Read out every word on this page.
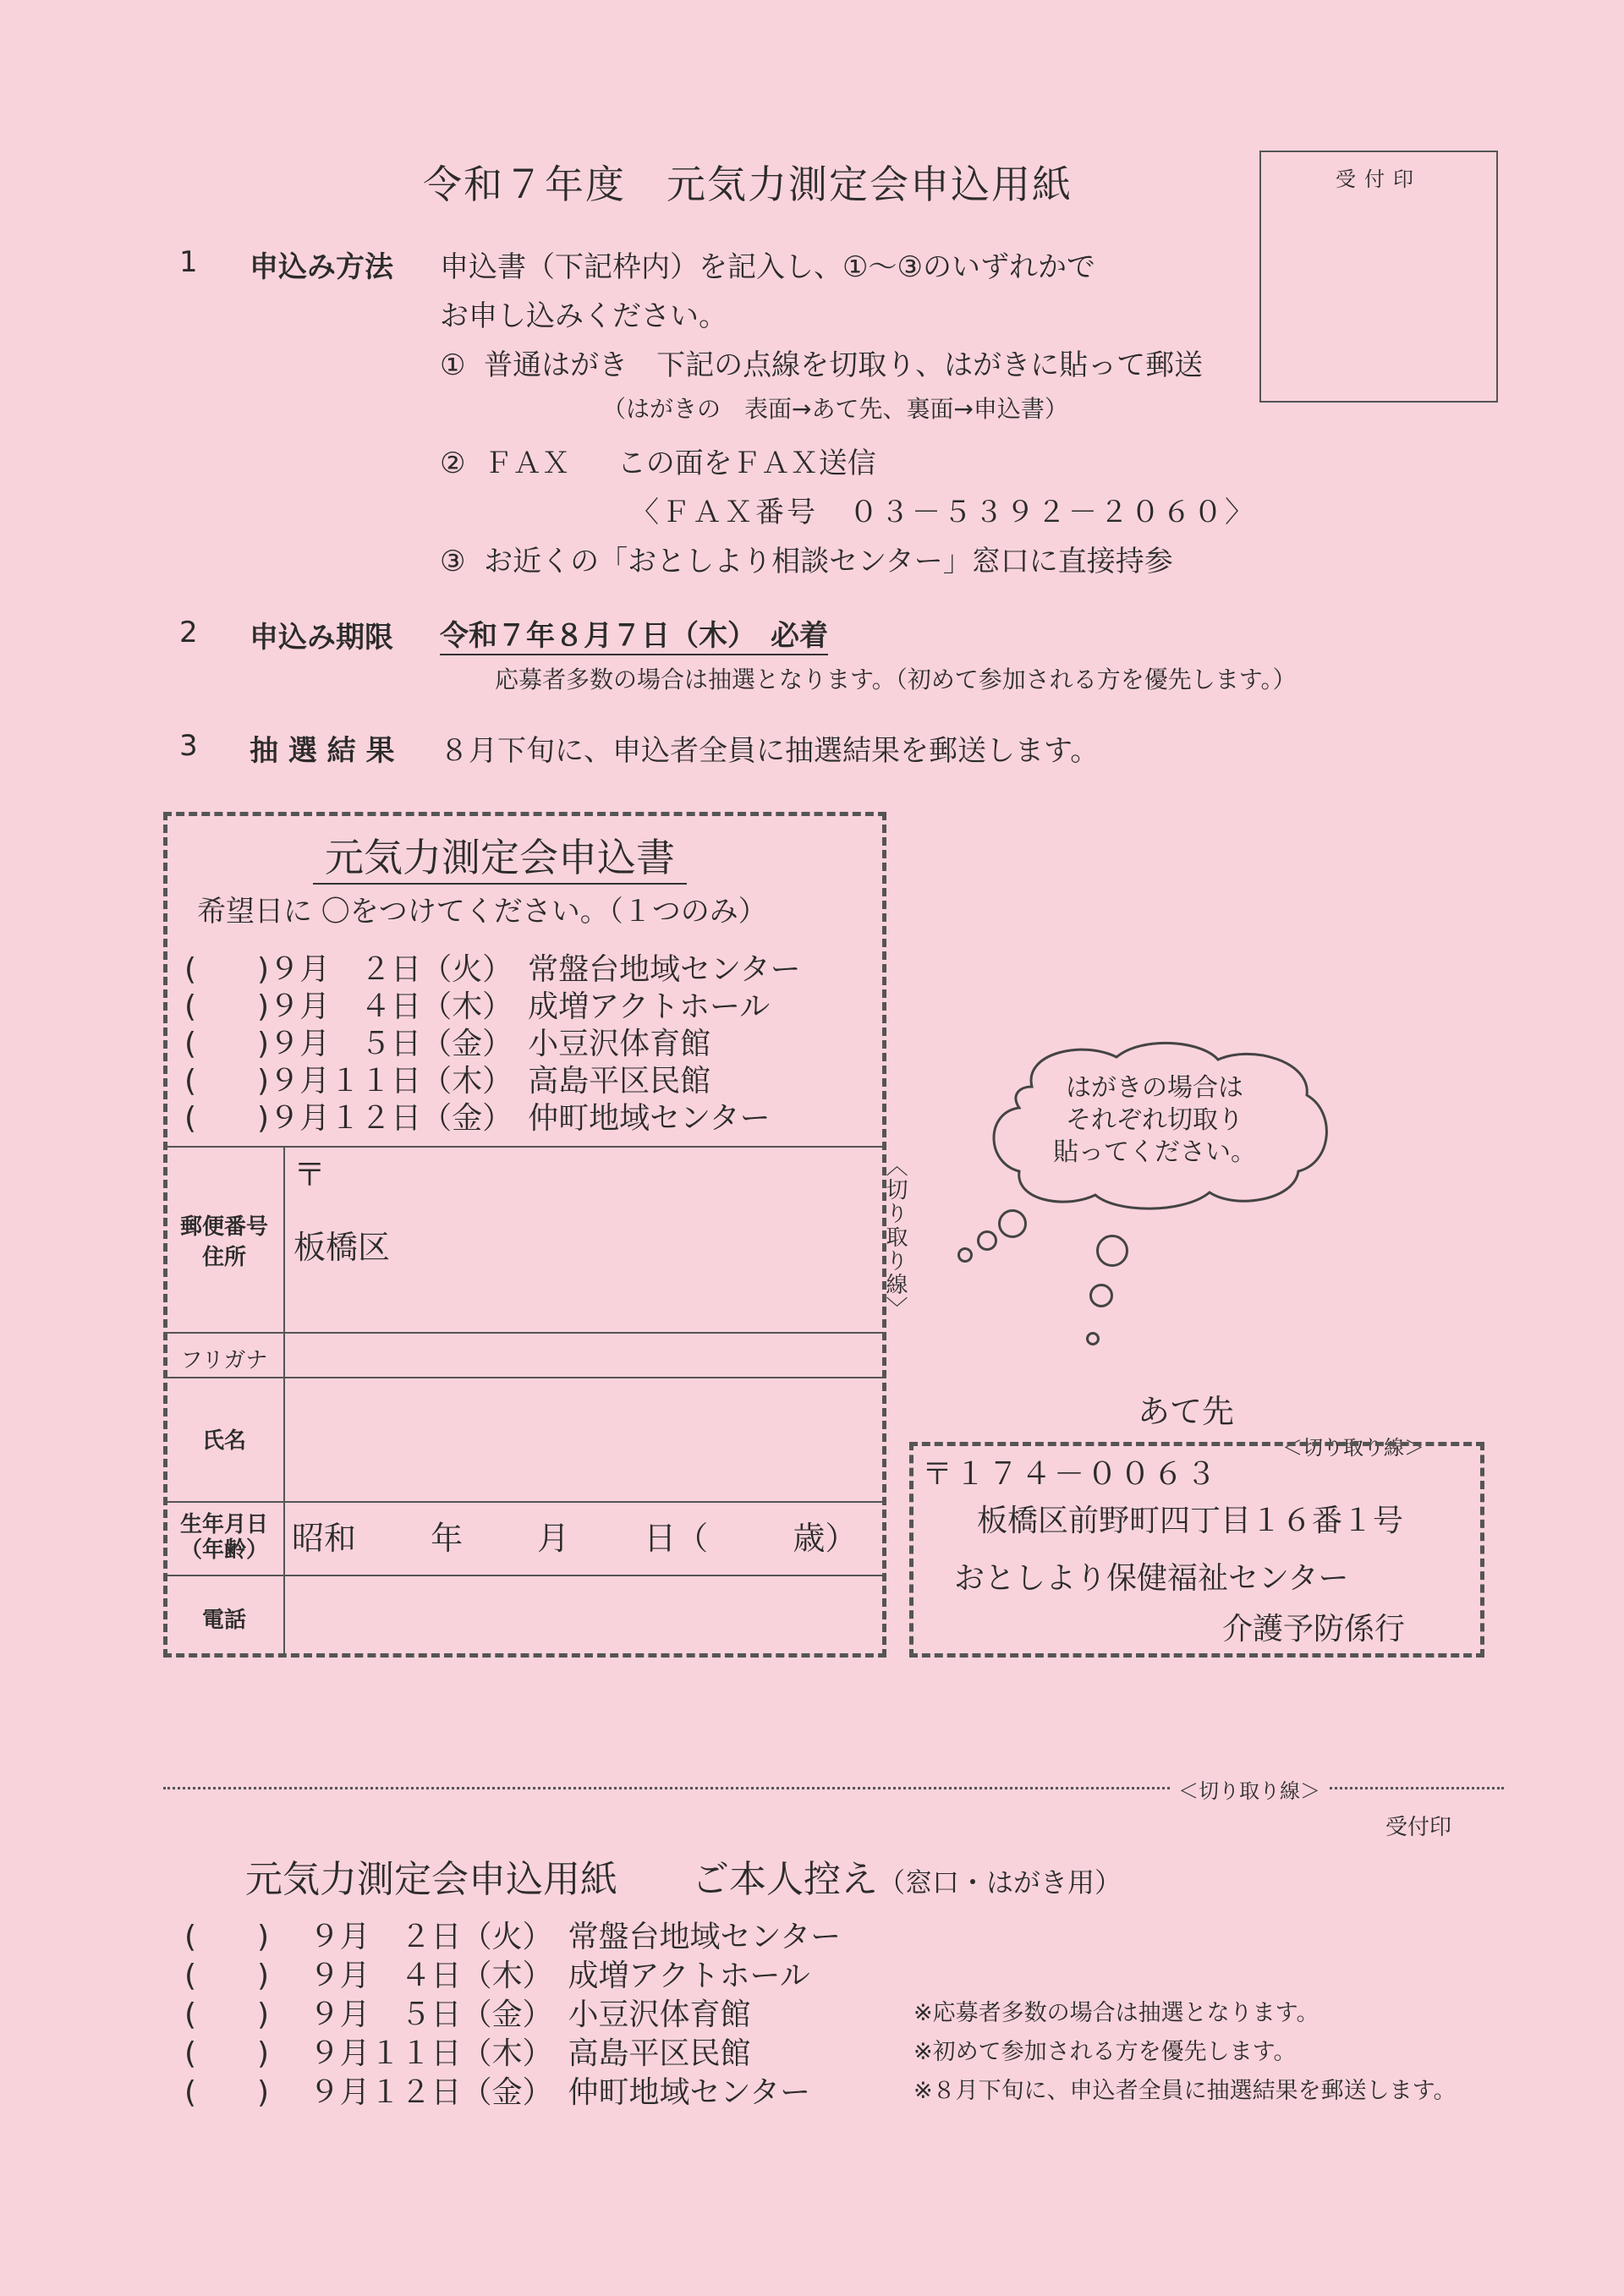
令和７年度　元気力測定会申込用紙	受付印
1 申込み方法 申込書（下記枠内）を記入し、①～③のいずれかで
お申し込みください。
①  普通はがき　下記の点線を切取り、はがきに貼って郵送
（はがきの　表面→あて先、裏面→申込書）
②  ＦＡＸ　  この面をＦＡＸ送信
〈ＦＡＸ番号　０３－５３９２－２０６０〉
③  お近くの「おとしより相談センター」窓口に直接持参
2 申込み期限 令和７年８月７日（木）　必着
応募者多数の場合は抽選となります。（初めて参加される方を優先します。）
3 抽 選 結 果 ８月下旬に、申込者全員に抽選結果を郵送します。
元気力測定会申込書
希望日に 〇をつけてください。（１つのみ）
(　　)９月　２日（火）　常盤台地域センター
(　　)９月　４日（木）　成増アクトホール
(　　)９月　５日（金）　小豆沢体育館
(　　)９月１１日（木）　高島平区民館
(　　)９月１２日（金）　仲町地域センター
郵便番号
住所
〒
板橋区
フリガナ
氏名
生年月日
（年齢） 昭和　　 年　　 月　　 日（　　  歳）
電話
〈切り取り線〉
はがきの場合は
それぞれ切取り
貼ってください。
あて先
＜切り取り線＞
〒１７４－００６３
板橋区前野町四丁目１６番１号
おとしより保健福祉センター
介護予防係行
＜切り取り線＞

元気力測定会申込用紙　　ご本人控え（窓口・はがき用）

受付印
(　　)　 ９月　２日（火）　常盤台地域センター
(　　)　 ９月　４日（木）　成増アクトホール
(　　)　 ９月　５日（金）　小豆沢体育館
(　　)　 ９月１１日（木）　高島平区民館
(　　)　 ９月１２日（金）　仲町地域センター
※応募者多数の場合は抽選となります。
※初めて参加される方を優先します。
※８月下旬に、申込者全員に抽選結果を郵送します。
